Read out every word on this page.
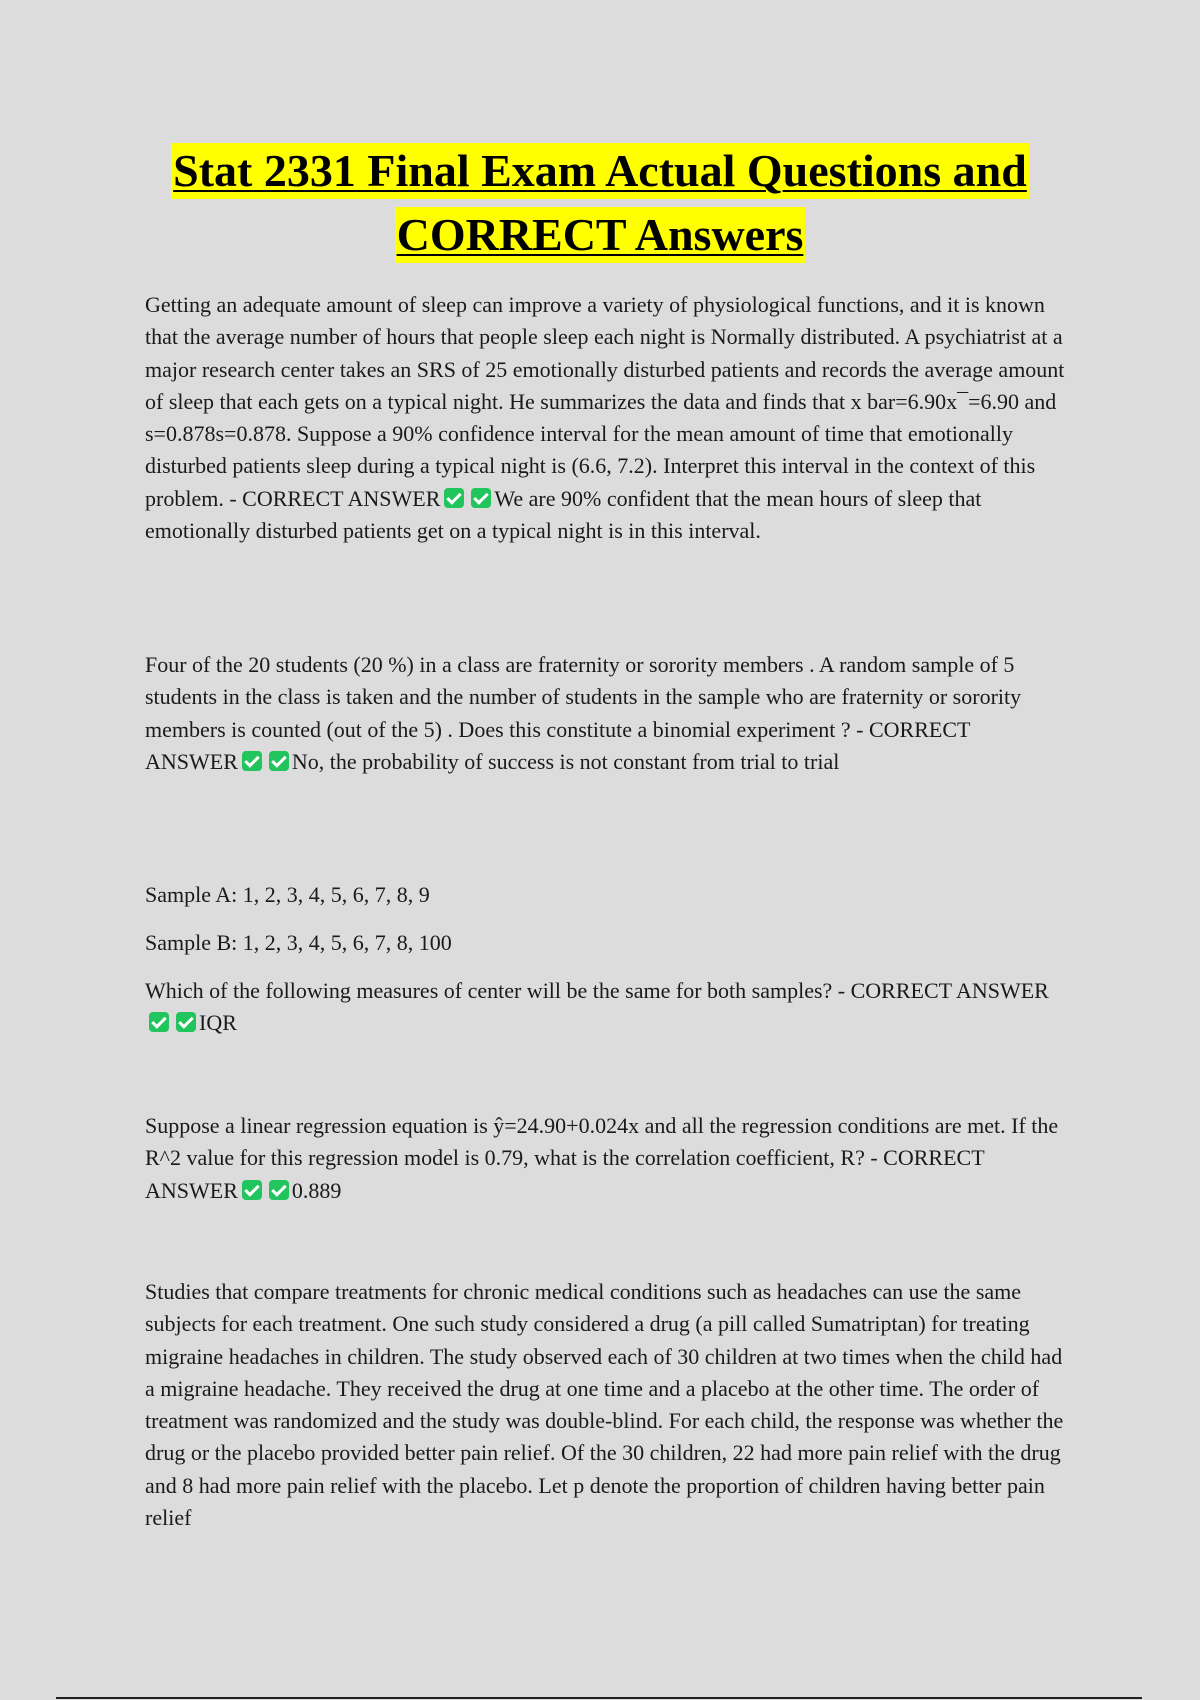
Stat 2331 Final Exam Actual Questions and
CORRECT Answers

Getting an adequate amount of sleep can improve a variety of physiological functions, and it is known that the average number of hours that people sleep each night is Normally distributed. A psychiatrist at a major research center takes an SRS of 25 emotionally disturbed patients and records the average amount of sleep that each gets on a typical night. He summarizes the data and finds that x bar=6.90x¯=6.90 and s=0.878s=0.878. Suppose a 90% confidence interval for the mean amount of time that emotionally disturbed patients sleep during a typical night is (6.6, 7.2). Interpret this interval in the context of this problem. - CORRECT ANSWER We are 90% confident that the mean hours of sleep that emotionally disturbed patients get on a typical night is in this interval.

Four of the 20 students (20 %) in a class are fraternity or sorority members . A random sample of 5 students in the class is taken and the number of students in the sample who are fraternity or sorority members is counted (out of the 5) . Does this constitute a binomial experiment ? - CORRECT ANSWER No, the probability of success is not constant from trial to trial

Sample A: 1, 2, 3, 4, 5, 6, 7, 8, 9

Sample B: 1, 2, 3, 4, 5, 6, 7, 8, 100

Which of the following measures of center will be the same for both samples? - CORRECT ANSWERIQR

Suppose a linear regression equation is ŷ=24.90+0.024x and all the regression conditions are met. If the R^2 value for this regression model is 0.79, what is the correlation coefficient, R? - CORRECT ANSWER 0.889

Studies that compare treatments for chronic medical conditions such as headaches can use the same subjects for each treatment. One such study considered a drug (a pill called Sumatriptan) for treating migraine headaches in children. The study observed each of 30 children at two times when the child had a migraine headache. They received the drug at one time and a placebo at the other time. The order of treatment was randomized and the study was double-blind. For each child, the response was whether the drug or the placebo provided better pain relief. Of the 30 children, 22 had more pain relief with the drug and 8 had more pain relief with the placebo. Let p denote the proportion of children having better pain relief
